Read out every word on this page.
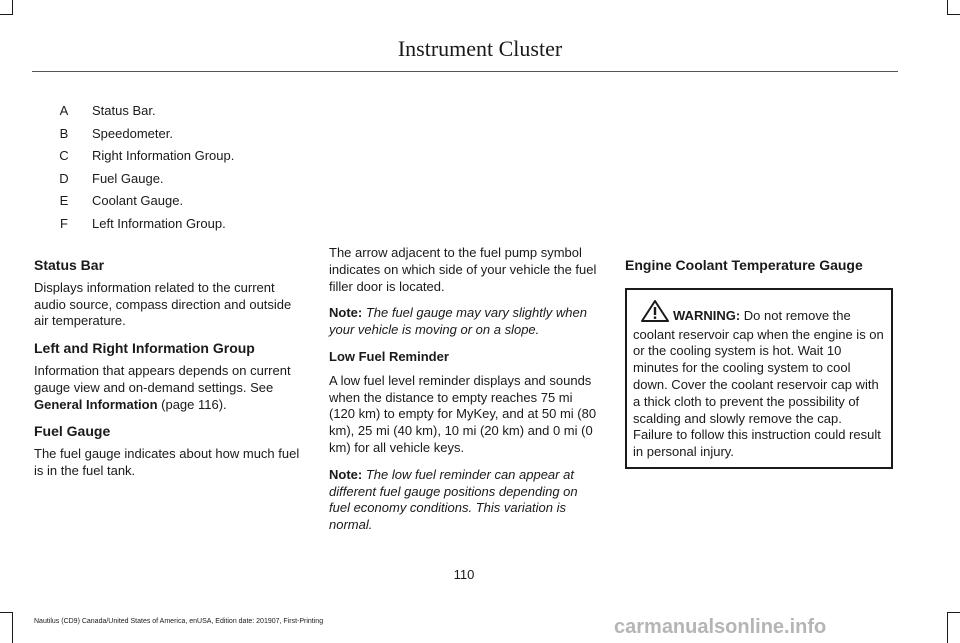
Instrument Cluster
A	Status Bar.
B	Speedometer.
C	Right Information Group.
D	Fuel Gauge.
E	Coolant Gauge.
F	Left Information Group.
Status Bar

Displays information related to the current audio source, compass direction and outside air temperature.

Left and Right Information Group

Information that appears depends on current gauge view and on-demand settings. See General Information (page 116).

Fuel Gauge

The fuel gauge indicates about how much fuel is in the fuel tank.

The arrow adjacent to the fuel pump symbol indicates on which side of your vehicle the fuel filler door is located.

Note: The fuel gauge may vary slightly when your vehicle is moving or on a slope.

Low Fuel Reminder

A low fuel level reminder displays and sounds when the distance to empty reaches 75 mi (120 km) to empty for MyKey, and at 50 mi (80 km), 25 mi (40 km), 10 mi (20 km) and 0 mi (0 km) for all vehicle keys.

Note: The low fuel reminder can appear at different fuel gauge positions depending on fuel economy conditions. This variation is normal.

Engine Coolant Temperature Gauge
WARNING: Do not remove the coolant reservoir cap when the engine is on or the cooling system is hot. Wait 10 minutes for the cooling system to cool down. Cover the coolant reservoir cap with a thick cloth to prevent the possibility of scalding and slowly remove the cap. Failure to follow this instruction could result in personal injury.
110
Nautilus (CD9) Canada/United States of America, enUSA, Edition date: 201907, First-Printing	carmanualsonline.info
